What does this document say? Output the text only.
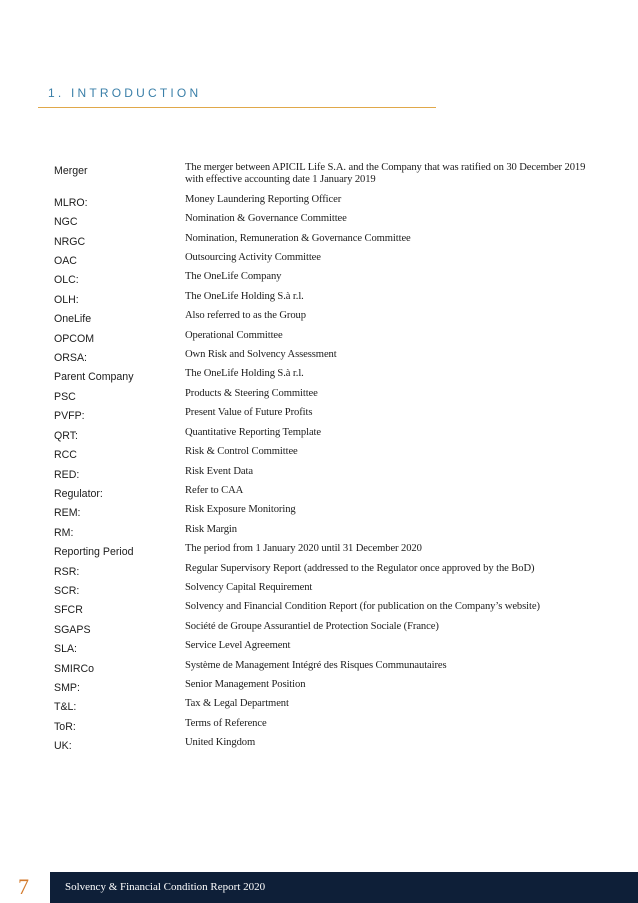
1. INTRODUCTION
Merger	The merger between APICIL Life S.A. and the Company that was ratified on 30 December 2019 with effective accounting date 1 January 2019
MLRO:	Money Laundering Reporting Officer
NGC	Nomination & Governance Committee
NRGC	Nomination, Remuneration & Governance Committee
OAC	Outsourcing Activity Committee
OLC:	The OneLife Company
OLH:	The OneLife Holding S.à r.l.
OneLife	Also referred to as the Group
OPCOM	Operational Committee
ORSA:	Own Risk and Solvency Assessment
Parent Company	The OneLife Holding S.à r.l.
PSC	Products & Steering Committee
PVFP:	Present Value of Future Profits
QRT:	Quantitative Reporting Template
RCC	Risk & Control Committee
RED:	Risk Event Data
Regulator:	Refer to CAA
REM:	Risk Exposure Monitoring
RM:	Risk Margin
Reporting Period	The period from 1 January 2020 until 31 December 2020
RSR:	Regular Supervisory Report (addressed to the Regulator once approved by the BoD)
SCR:	Solvency Capital Requirement
SFCR	Solvency and Financial Condition Report (for publication on the Company’s website)
SGAPS	Société de Groupe Assurantiel de Protection Sociale (France)
SLA:	Service Level Agreement
SMIRCo	Système de Management Intégré des Risques Communautaires
SMP:	Senior Management Position
T&L:	Tax & Legal Department
ToR:	Terms of Reference
UK:	United Kingdom
7	Solvency & Financial Condition Report 2020
